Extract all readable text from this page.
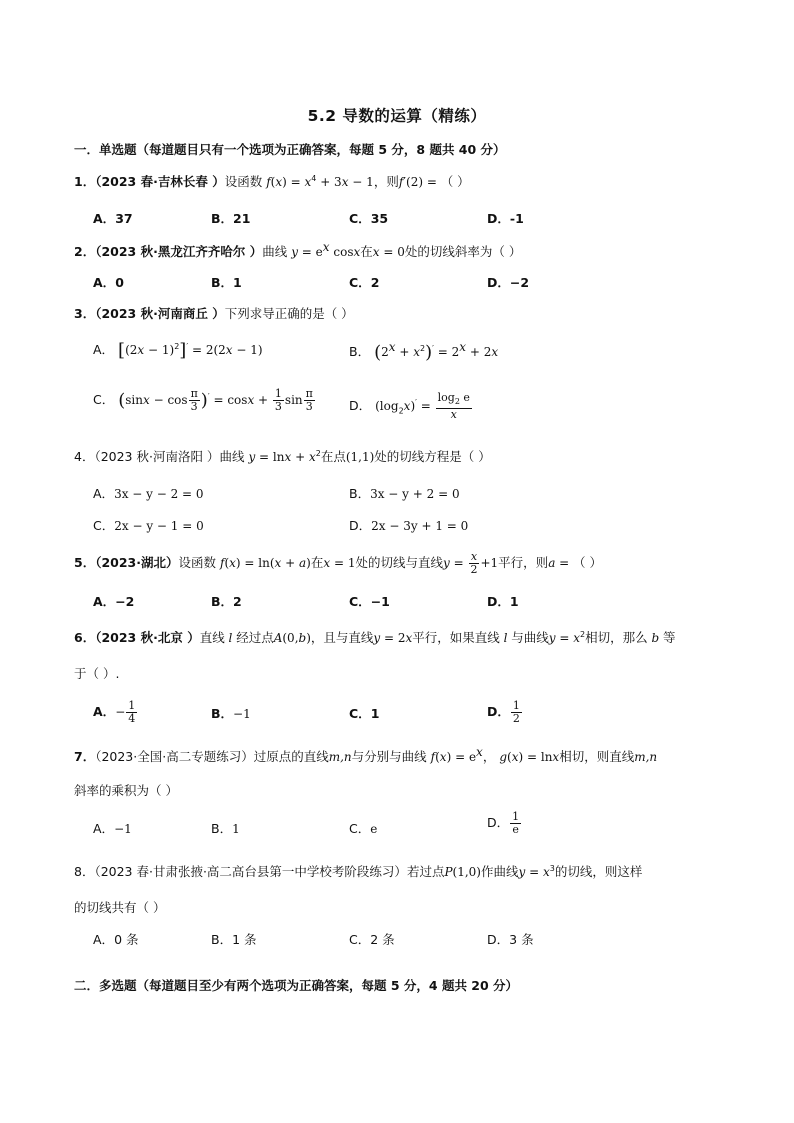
5.2 导数的运算（精练）
一．单选题（每道题目只有一个选项为正确答案，每题 5 分，8 题共 40 分）
1．（2023 春·吉林长春 ）设函数 $f(x) = x^4 + 3x - 1$，则f′(2) = （ ）
A．37	B．21	C．35	D．-1
2．（2023 秋·黑龙江齐齐哈尔 ）曲线 $y = e^x$ cosx在x = 0处的切线斜率为（ ）
A．0	B．1	C．2	D．−2
3．（2023 秋·河南商丘 ）下列求导正确的是（ ）
A． $[(2x - 1)^2]' = 2(2x - 1)$	B． $(2^x + x^2)' = 2^x + 2x$
C． $(\sin x - \cos \frac{\pi}{3} )' = \cos x + \frac{1}{3}$ $\sin \frac{\pi}{3}$	D． $(\log_2x)' = \frac{\log_2 e}{x}$
4．（2023 秋·河南洛阳 ）曲线 $y = \ln x + x^2$在点(1,1)处的切线方程是（ ）
A．3x − y − 2 = 0	B．3x − y + 2 = 0
C．2x − y − 1 = 0	D．2x − 3y + 1 = 0
5．（2023·湖北）设函数 f(x) = ln(x + a)在x = 1处的切线与直线$y = \frac{x}{2} +1$平行，则a = （ ）
A．−2	B．2	C．−1	D．1
6．（2023 秋·北京 ）直线 l 经过点A(0,b)，且与直线y = 2x平行，如果直线 l 与曲线$y = x^2$相切，那么 b 等
于（ ）.
A．− $\frac{1}{4}$	B．−1	C．1	D． $\frac{1}{2}$
7．（2023·全国·高二专题练习）过原点的直线m,n与分别与曲线 $f(x) = e^x$， g(x) = lnx相切，则直线m,n
斜率的乘积为（ ）
A．−1	B．1	C．e	D． $\frac{1}{e}$
8．（2023 春·甘肃张掖·高二高台县第一中学校考阶段练习）若过点P(1,0)作曲线$y = x^3$的切线，则这样
的切线共有（ ）
A．0 条	B．1 条	C．2 条	D．3 条
二．多选题（每道题目至少有两个选项为正确答案，每题 5 分，4 题共 20 分）
